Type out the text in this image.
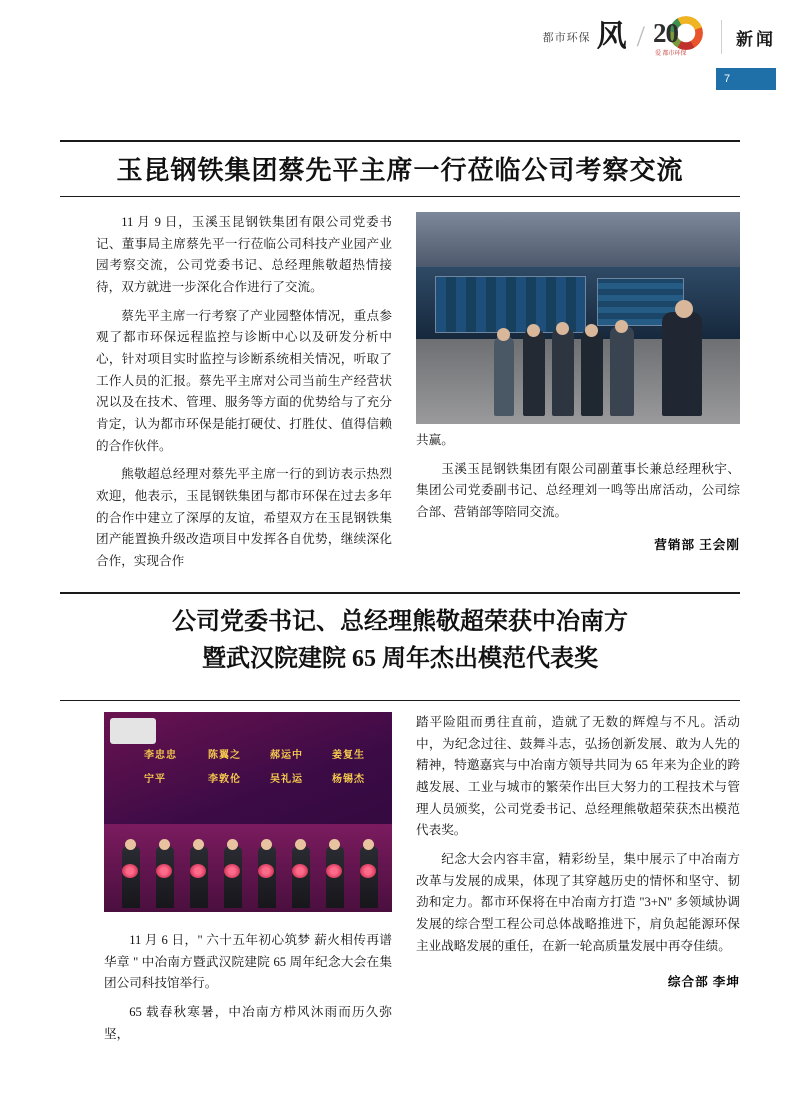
都市环保 风 / 20
爱 都市环保
新闻
7
玉昆钢铁集团蔡先平主席一行莅临公司考察交流

11 月 9 日，玉溪玉昆钢铁集团有限公司党委书记、董事局主席蔡先平一行莅临公司科技产业园产业园考察交流，公司党委书记、总经理熊敬超热情接待，双方就进一步深化合作进行了交流。

蔡先平主席一行考察了产业园整体情况，重点参观了都市环保远程监控与诊断中心以及研发分析中心，针对项目实时监控与诊断系统相关情况，听取了工作人员的汇报。蔡先平主席对公司当前生产经营状况以及在技术、管理、服务等方面的优势给与了充分肯定，认为都市环保是能打硬仗、打胜仗、值得信赖的合作伙伴。

熊敬超总经理对蔡先平主席一行的到访表示热烈欢迎，他表示，玉昆钢铁集团与都市环保在过去多年的合作中建立了深厚的友谊，希望双方在玉昆钢铁集团产能置换升级改造项目中发挥各自优势，继续深化合作，实现合作

共赢。

玉溪玉昆钢铁集团有限公司副董事长兼总经理秋宇、集团公司党委副书记、总经理刘一鸣等出席活动，公司综合部、营销部等陪同交流。

营销部 王会刚
公司党委书记、总经理熊敬超荣获中冶南方
暨武汉院建院 65 周年杰出模范代表奖
李忠忠	陈翼之	郝运中	姜复生
宁平	李敦伦	吴礼运	杨锡杰

11 月 6 日，" 六十五年初心筑梦 薪火相传再谱华章 " 中冶南方暨武汉院建院 65 周年纪念大会在集团公司科技馆举行。

65 载春秋寒暑，中冶南方栉风沐雨而历久弥坚，

踏平险阻而勇往直前，造就了无数的辉煌与不凡。活动中，为纪念过往、鼓舞斗志，弘扬创新发展、敢为人先的精神，特邀嘉宾与中冶南方领导共同为 65 年来为企业的跨越发展、工业与城市的繁荣作出巨大努力的工程技术与管理人员颁奖，公司党委书记、总经理熊敬超荣获杰出模范代表奖。

纪念大会内容丰富，精彩纷呈，集中展示了中冶南方改革与发展的成果，体现了其穿越历史的情怀和坚守、韧劲和定力。都市环保将在中冶南方打造 "3+N" 多领域协调发展的综合型工程公司总体战略推进下，肩负起能源环保主业战略发展的重任，在新一轮高质量发展中再夺佳绩。

综合部 李坤
